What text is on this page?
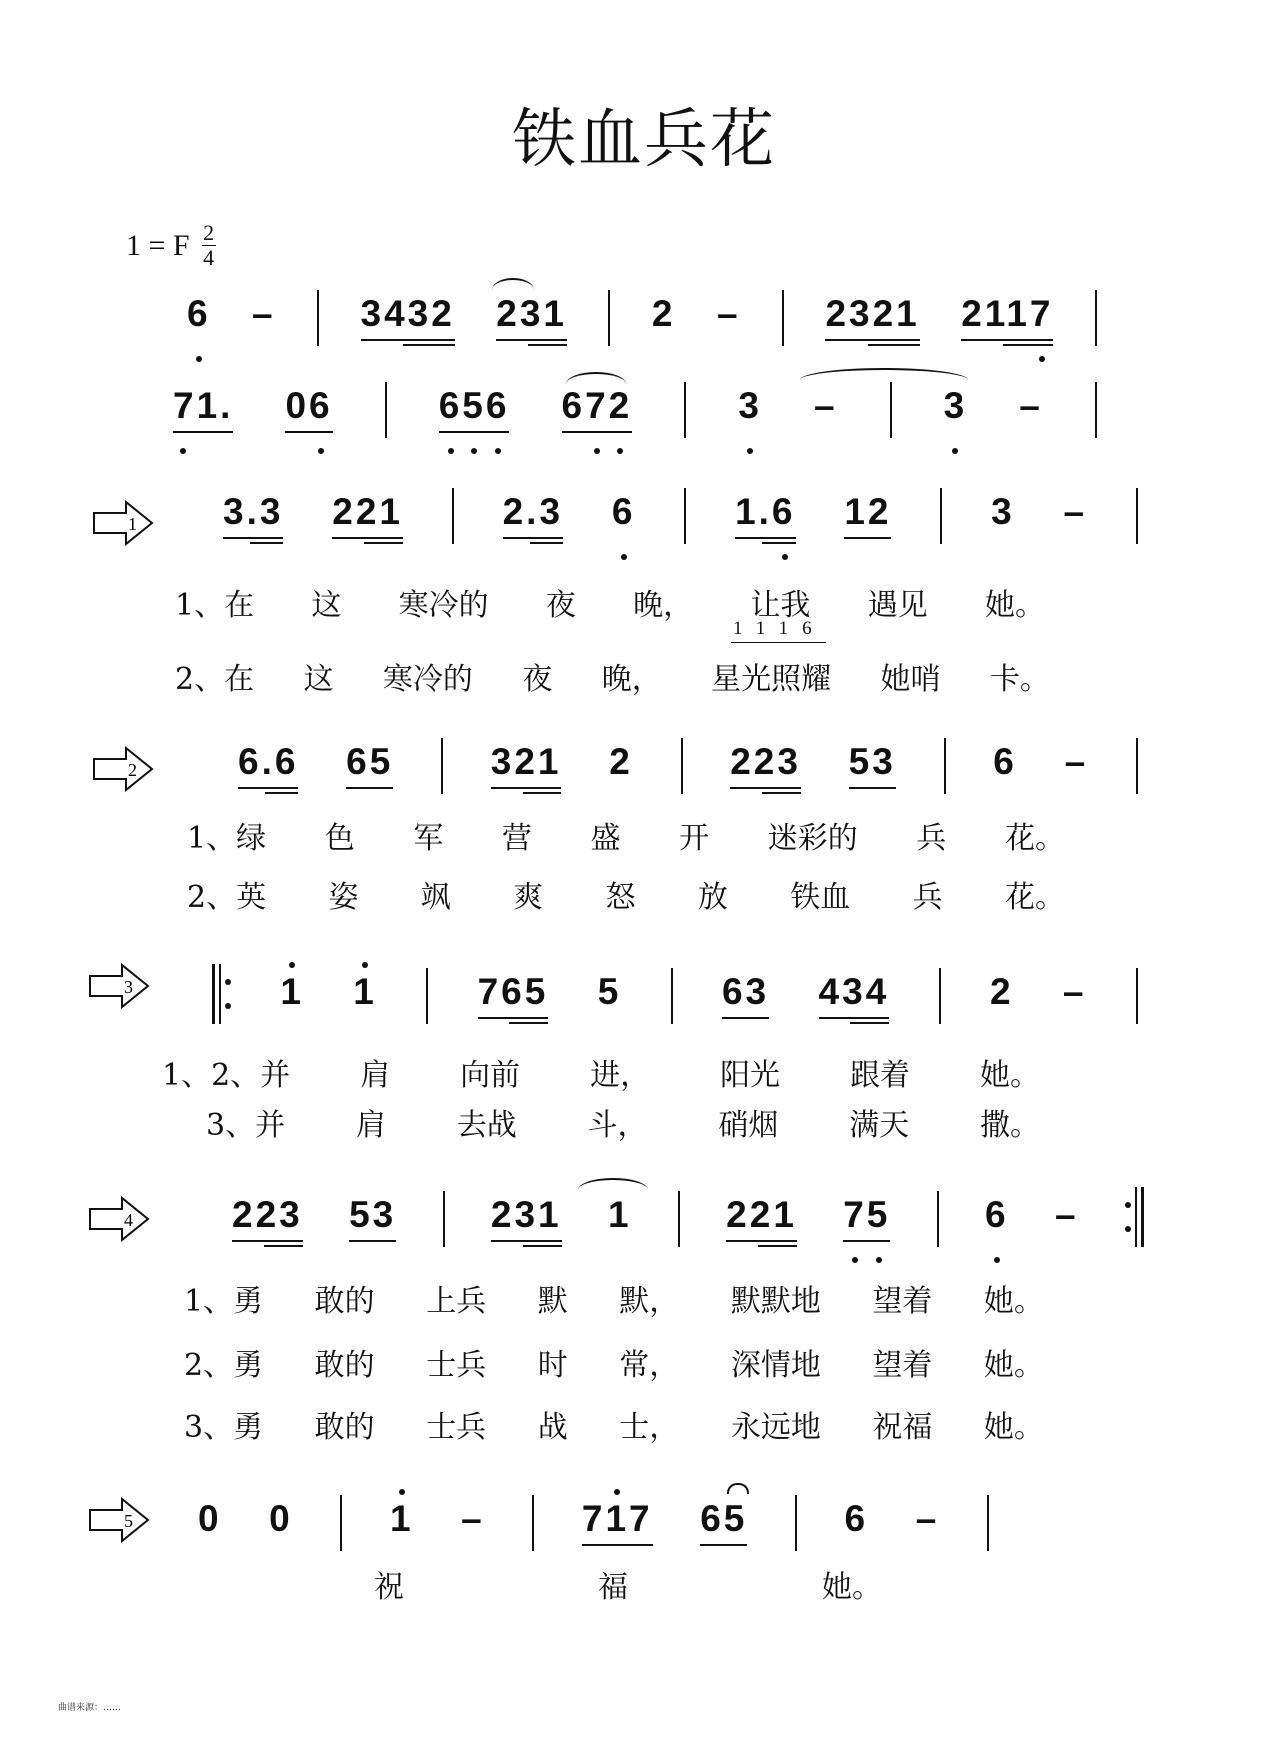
铁血兵花
1 = F $\frac{2}{4}$
6 – 3432 231 2 – 2321 2117
71. 06	656 672	3 –	3 –
3.3 221	2.3 6	1.6 12	3 –
6.6 65	321 2	223 53	6 –
1 1	765 5	63 434	2 –
223 53	231 1	221 75	6 –
0 0	1 –	717 65	6 –
1
2
3
4
5
1116
1、在 这 寒冷的 夜 晚， 让我 遇见 她。
2、在 这 寒冷的 夜 晚， 星光照耀 她哨 卡。
1、绿 色 军 营 盛 开 迷彩的 兵 花。
2、英 姿 飒 爽 怒 放 铁血 兵 花。
1、2、并 肩 向前 进， 阳光 跟着 她。
3、并 肩 去战 斗， 硝烟 满天 撒。
1、勇 敢的 上兵 默 默， 默默地 望着 她。
2、勇 敢的 士兵 时 常， 深情地 望着 她。
3、勇 敢的 士兵 战 士， 永远地 祝福 她。
祝	福	她。
曲谱来源：……
